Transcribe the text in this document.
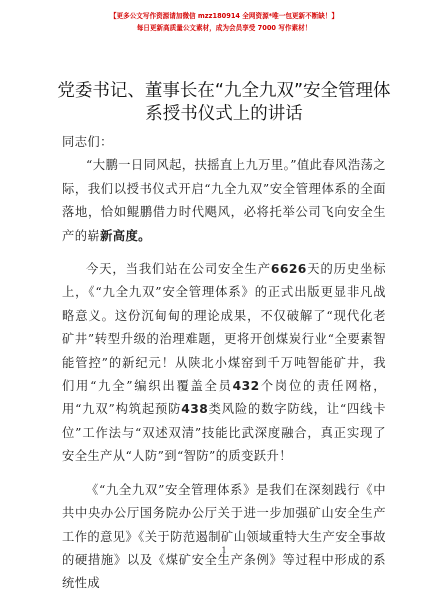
【更多公文写作资源请加微信 mzz180914 全网资源*唯一包更新不断缺！】
每日更新高质量公文素材，成为会员享受 7000 写作素材！
党委书记、董事长在“九全九双”安全管理体
系授书仪式上的讲话

同志们：

“大鹏一日同风起，扶摇直上九万里。”值此春风浩荡之际，我们以授书仪式开启“九全九双”安全管理体系的全面落地，恰如鲲鹏借力时代飓风，必将托举公司飞向安全生产的崭新高度。

今天，当我们站在公司安全生产6626天的历史坐标上，《“九全九双”安全管理体系》的正式出版更显非凡战略意义。这份沉甸甸的理论成果，不仅破解了“现代化老矿井”转型升级的治理难题，更将开创煤炭行业“全要素智能管控”的新纪元！从陕北小煤窑到千万吨智能矿井，我们用“九全”编织出覆盖全员432个岗位的责任网格，用“九双”构筑起预防438类风险的数字防线，让“四线卡位”工作法与“双述双清”技能比武深度融合，真正实现了安全生产从“人防”到“智防”的质变跃升！

《“九全九双”安全管理体系》是我们在深刻践行《中共中央办公厅国务院办公厅关于进一步加强矿山安全生产工作的意见》《关于防范遏制矿山领域重特大生产安全事故的硬措施》以及《煤矿安全生产条例》等过程中形成的系统性成

1
